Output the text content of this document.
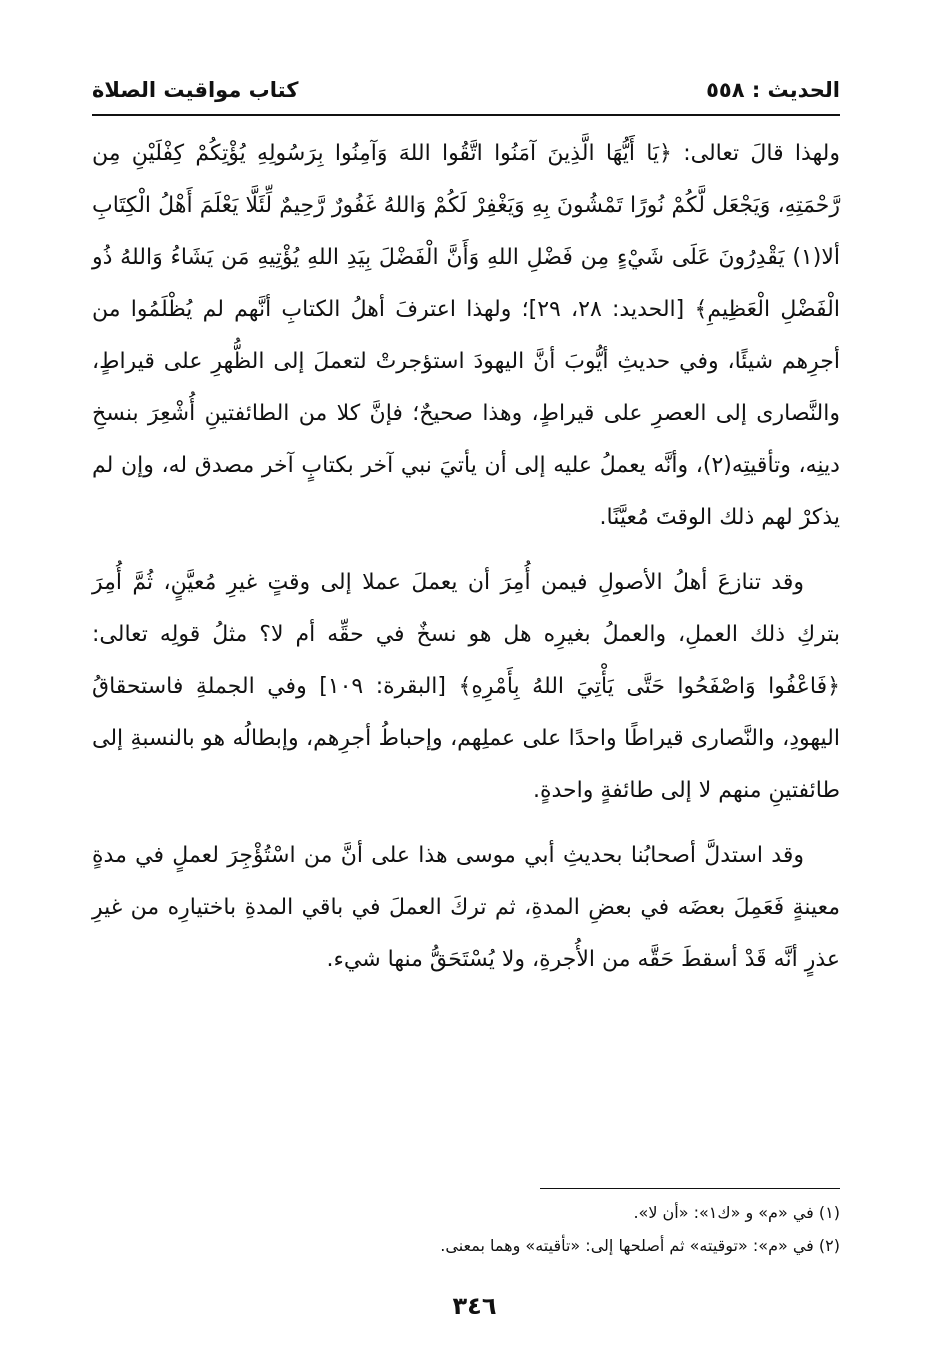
الحديث : ٥٥٨
كتاب مواقيت الصلاة

ولهذا قالَ تعالى: ﴿يَا أَيُّهَا الَّذِينَ آمَنُوا اتَّقُوا اللهَ وَآمِنُوا بِرَسُولِهِ يُؤْتِكُمْ كِفْلَيْنِ مِن رَّحْمَتِهِ، وَيَجْعَل لَّكُمْ نُورًا تَمْشُونَ بِهِ وَيَغْفِرْ لَكُمْ وَاللهُ غَفُورٌ رَّحِيمٌ لِّئَلَّا يَعْلَمَ أَهْلُ الْكِتَابِ ألا(١) يَقْدِرُونَ عَلَى شَيْءٍ مِن فَضْلِ اللهِ وَأَنَّ الْفَضْلَ بِيَدِ اللهِ يُؤْتِيهِ مَن يَشَاءُ وَاللهُ ذُو الْفَضْلِ الْعَظِيمِ﴾ [الحديد: ٢٨، ٢٩]؛ ولهذا اعترفَ أهلُ الكتابِ أنَّهم لم يُظْلَمُوا من أجرِهم شيئًا، وفي حديثِ أيُّوبَ أنَّ اليهودَ استؤجرتْ لتعملَ إلى الظُّهرِ على قيراطٍ، والنَّصارى إلى العصرِ على قيراطٍ، وهذا صحيحٌ؛ فإنَّ كلا من الطائفتينِ أُشْعِرَ بنسخِ دينِه، وتأقيتِه(٢)، وأنَّه يعملُ عليه إلى أن يأتيَ نبي آخر بكتابٍ آخر مصدق له، وإن لم يذكرْ لهم ذلك الوقتَ مُعيَّنًا.

وقد تنازعَ أهلُ الأصولِ فيمن أُمِرَ أن يعملَ عملا إلى وقتٍ غيرِ مُعيَّنٍ، ثُمَّ أُمِرَ بتركِ ذلك العملِ، والعملُ بغيرِه هل هو نسخٌ في حقِّه أم لا؟ مثلُ قولِه تعالى: ﴿فَاعْفُوا وَاصْفَحُوا حَتَّى يَأْتِيَ اللهُ بِأَمْرِهِ﴾ [البقرة: ١٠٩] وفي الجملةِ فاستحقاقُ اليهودِ، والنَّصارى قيراطًا واحدًا على عملِهم، وإحباطُ أجرِهم، وإبطالُه هو بالنسبةِ إلى طائفتينِ منهم لا إلى طائفةٍ واحدةٍ.

وقد استدلَّ أصحابُنا بحديثِ أبي موسى هذا على أنَّ من اسْتُؤْجِرَ لعملٍ في مدةٍ معينةٍ فَعَمِلَ بعضَه في بعضِ المدةِ، ثم تركَ العملَ في باقي المدةِ باختيارِه من غيرِ عذرٍ أنَّه قَدْ أسقطَ حَقَّه من الأُجرةِ، ولا يُسْتَحَقُّ منها شيء.

(١) في «م» و «ك١»: «أن لا».

(٢) في «م»: «توقيته» ثم أصلحها إلى: «تأقيته» وهما بمعنى.

٣٤٦
